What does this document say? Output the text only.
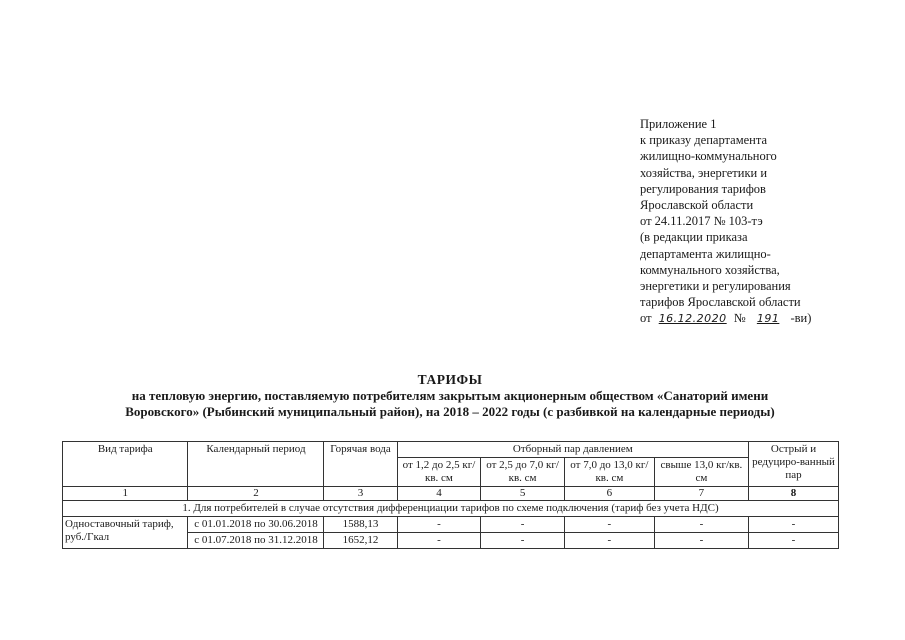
Приложение 1
к приказу департамента
жилищно-коммунального
хозяйства, энергетики и
регулирования тарифов
Ярославской области
от 24.11.2017 № 103-тэ
(в редакции приказа
департамента жилищно-
коммунального хозяйства,
энергетики и регулирования
тарифов Ярославской области
от 16.12.2020 № 191 -ви)
ТАРИФЫ
на тепловую энергию, поставляемую потребителям закрытым акционерным обществом «Санаторий имени
Воровского» (Рыбинский муниципальный район), на 2018 – 2022 годы (с разбивкой на календарные периоды)
Вид тарифа	Календарный период	Горячая вода	Отборный пар давлением				Острый и редуциро-ванный пар
			от 1,2 до 2,5 кг/кв. см	от 2,5 до 7,0 кг/кв. см	от 7,0 до 13,0 кг/кв. см	свыше 13,0 кг/кв. см	
1	2	3	4	5	6	7	8
1. Для потребителей в случае отсутствия дифференциации тарифов по схеме подключения (тариф без учета НДС)							
Одноставочный тариф, руб./Гкал	с 01.01.2018 по 30.06.2018	1588,13	-	-	-	-	-
	с 01.07.2018 по 31.12.2018	1652,12	-	-	-	-	-
